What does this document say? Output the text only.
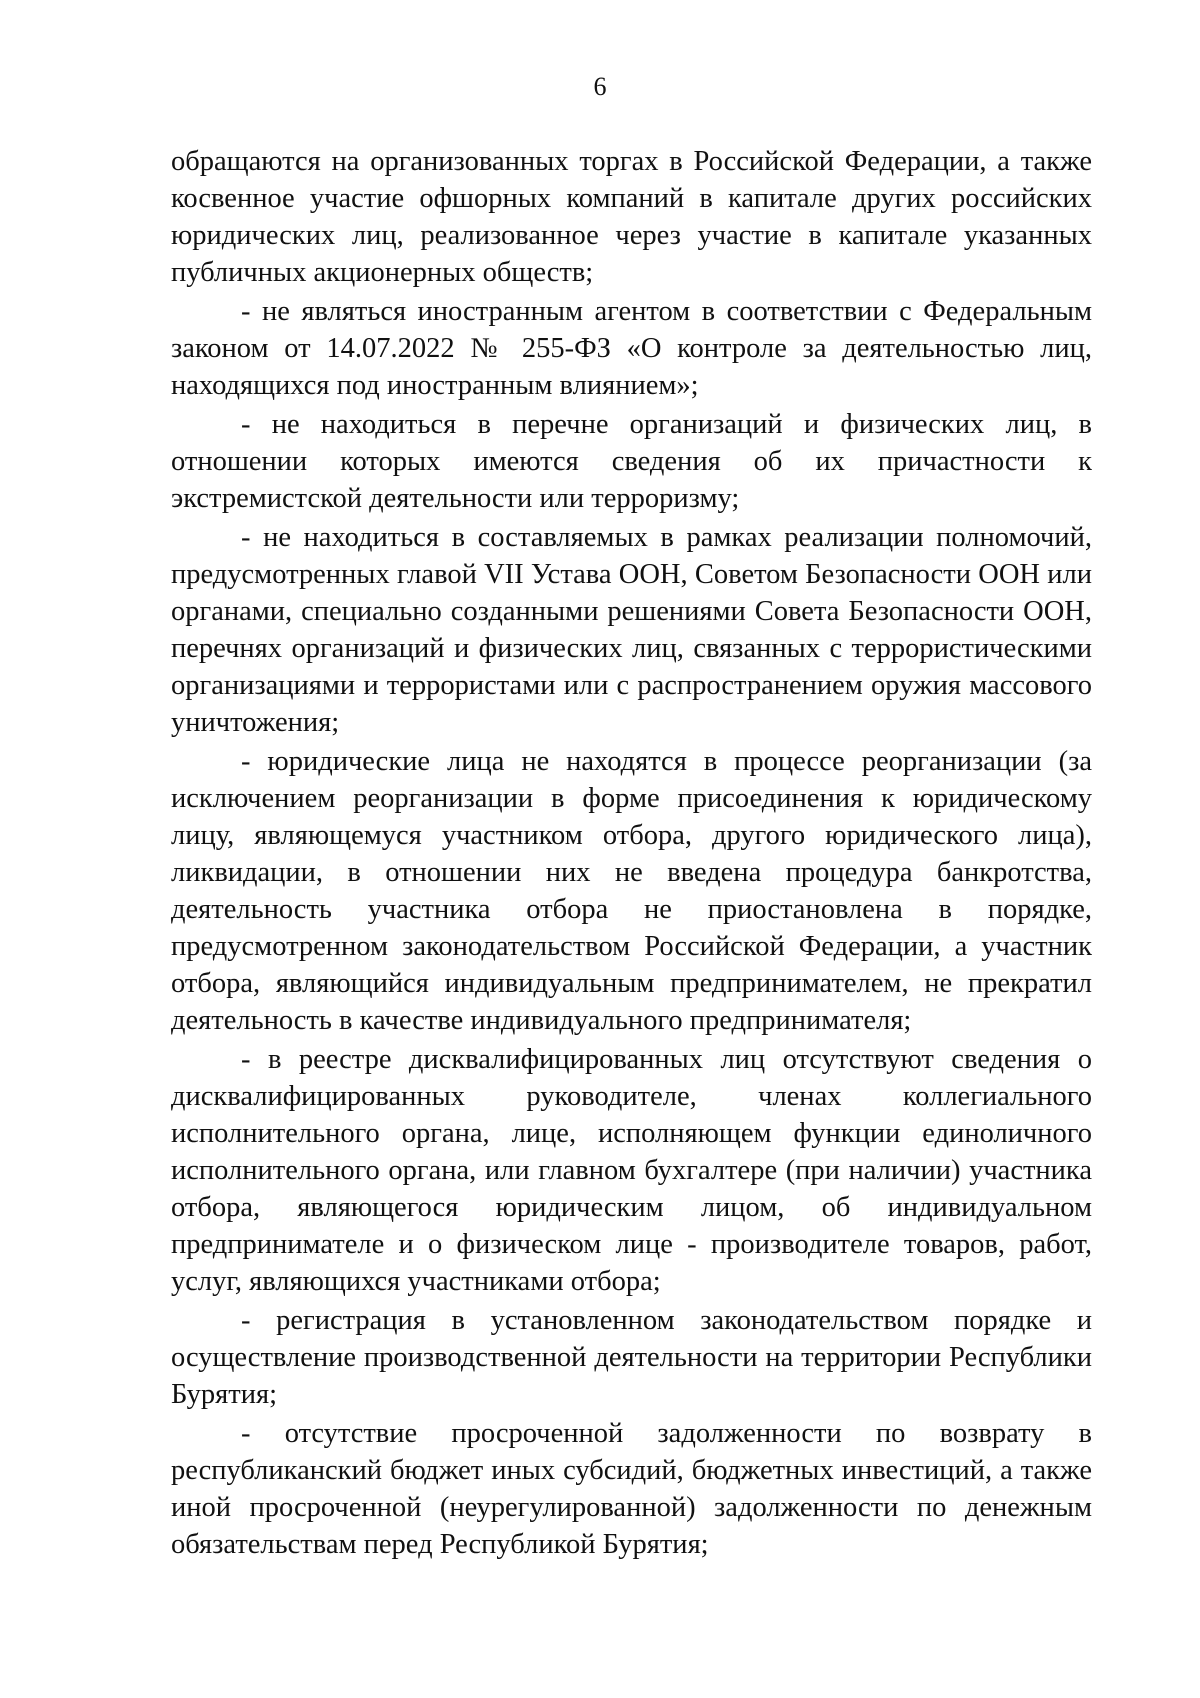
6

обращаются на организованных торгах в Российской Федерации, а также косвенное участие офшорных компаний в капитале других российских юридических лиц, реализованное через участие в капитале указанных публичных акционерных обществ;

- не являться иностранным агентом в соответствии с Федеральным законом от 14.07.2022 № 255-ФЗ «О контроле за деятельностью лиц, находящихся под иностранным влиянием»;

- не находиться в перечне организаций и физических лиц, в отношении которых имеются сведения об их причастности к экстремистской деятельности или терроризму;

- не находиться в составляемых в рамках реализации полномочий, предусмотренных главой VII Устава ООН, Советом Безопасности ООН или органами, специально созданными решениями Совета Безопасности ООН, перечнях организаций и физических лиц, связанных с террористическими организациями и террористами или с распространением оружия массового уничтожения;

- юридические лица не находятся в процессе реорганизации (за исключением реорганизации в форме присоединения к юридическому лицу, являющемуся участником отбора, другого юридического лица), ликвидации, в отношении них не введена процедура банкротства, деятельность участника отбора не приостановлена в порядке, предусмотренном законодательством Российской Федерации, а участник отбора, являющийся индивидуальным предпринимателем, не прекратил деятельность в качестве индивидуального предпринимателя;

- в реестре дисквалифицированных лиц отсутствуют сведения о дисквалифицированных руководителе, членах коллегиального исполнительного органа, лице, исполняющем функции единоличного исполнительного органа, или главном бухгалтере (при наличии) участника отбора, являющегося юридическим лицом, об индивидуальном предпринимателе и о физическом лице - производителе товаров, работ, услуг, являющихся участниками отбора;

- регистрация в установленном законодательством порядке и осуществление производственной деятельности на территории Республики Бурятия;

- отсутствие просроченной задолженности по возврату в республиканский бюджет иных субсидий, бюджетных инвестиций, а также иной просроченной (неурегулированной) задолженности по денежным обязательствам перед Республикой Бурятия;
